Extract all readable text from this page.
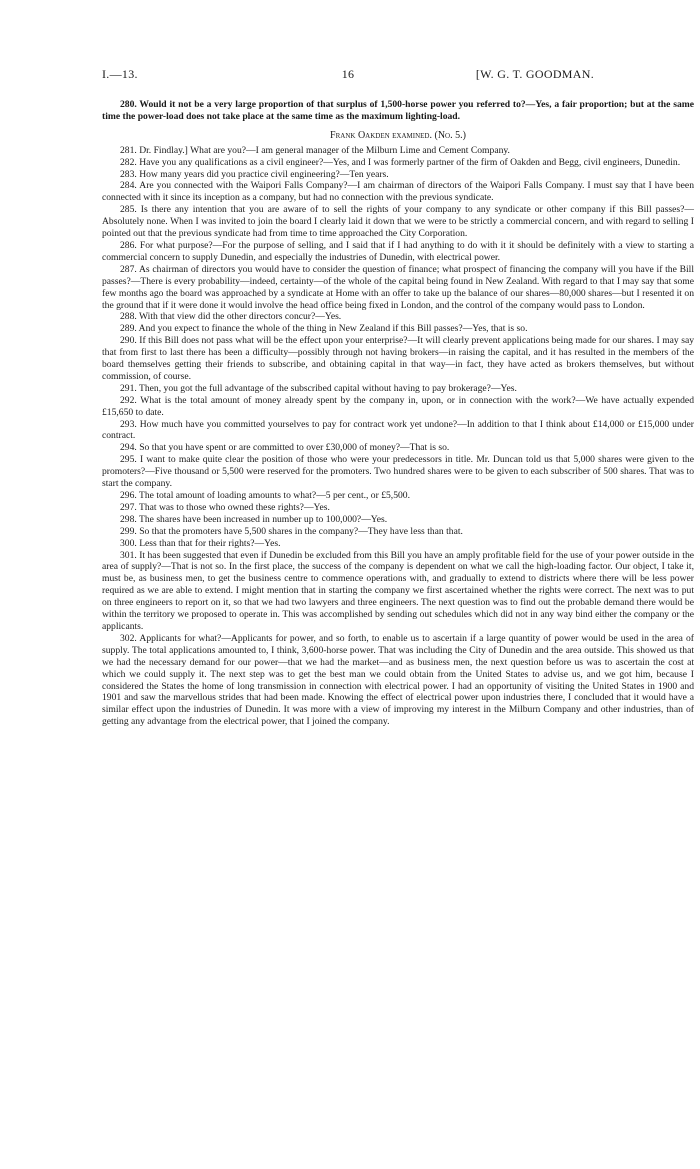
I.—13.	16	[W. G. T. GOODMAN.

280. Would it not be a very large proportion of that surplus of 1,500-horse power you referred to?—Yes, a fair proportion; but at the same time the power-load does not take place at the same time as the maximum lighting-load.

Frank Oakden examined. (No. 5.)

281. Dr. Findlay.] What are you?—I am general manager of the Milburn Lime and Cement Company.

282. Have you any qualifications as a civil engineer?—Yes, and I was formerly partner of the firm of Oakden and Begg, civil engineers, Dunedin.

283. How many years did you practice civil engineering?—Ten years.

284. Are you connected with the Waipori Falls Company?—I am chairman of directors of the Waipori Falls Company. I must say that I have been connected with it since its inception as a company, but had no connection with the previous syndicate.

285. Is there any intention that you are aware of to sell the rights of your company to any syndicate or other company if this Bill passes?—Absolutely none. When I was invited to join the board I clearly laid it down that we were to be strictly a commercial concern, and with regard to selling I pointed out that the previous syndicate had from time to time approached the City Corporation.

286. For what purpose?—For the purpose of selling, and I said that if I had anything to do with it it should be definitely with a view to starting a commercial concern to supply Dunedin, and especially the industries of Dunedin, with electrical power.

287. As chairman of directors you would have to consider the question of finance; what prospect of financing the company will you have if the Bill passes?—There is every probability—indeed, certainty—of the whole of the capital being found in New Zealand. With regard to that I may say that some few months ago the board was approached by a syndicate at Home with an offer to take up the balance of our shares—80,000 shares—but I resented it on the ground that if it were done it would involve the head office being fixed in London, and the control of the company would pass to London.

288. With that view did the other directors concur?—Yes.

289. And you expect to finance the whole of the thing in New Zealand if this Bill passes?—Yes, that is so.

290. If this Bill does not pass what will be the effect upon your enterprise?—It will clearly prevent applications being made for our shares. I may say that from first to last there has been a difficulty—possibly through not having brokers—in raising the capital, and it has resulted in the members of the board themselves getting their friends to subscribe, and obtaining capital in that way—in fact, they have acted as brokers themselves, but without commission, of course.

291. Then, you got the full advantage of the subscribed capital without having to pay brokerage?—Yes.

292. What is the total amount of money already spent by the company in, upon, or in connection with the work?—We have actually expended £15,650 to date.

293. How much have you committed yourselves to pay for contract work yet undone?—In addition to that I think about £14,000 or £15,000 under contract.

294. So that you have spent or are committed to over £30,000 of money?—That is so.

295. I want to make quite clear the position of those who were your predecessors in title. Mr. Duncan told us that 5,000 shares were given to the promoters?—Five thousand or 5,500 were reserved for the promoters. Two hundred shares were to be given to each subscriber of 500 shares. That was to start the company.

296. The total amount of loading amounts to what?—5 per cent., or £5,500.

297. That was to those who owned these rights?—Yes.

298. The shares have been increased in number up to 100,000?—Yes.

299. So that the promoters have 5,500 shares in the company?—They have less than that.

300. Less than that for their rights?—Yes.

301. It has been suggested that even if Dunedin be excluded from this Bill you have an amply profitable field for the use of your power outside in the area of supply?—That is not so. In the first place, the success of the company is dependent on what we call the high-loading factor. Our object, I take it, must be, as business men, to get the business centre to commence operations with, and gradually to extend to districts where there will be less power required as we are able to extend. I might mention that in starting the company we first ascertained whether the rights were correct. The next was to put on three engineers to report on it, so that we had two lawyers and three engineers. The next question was to find out the probable demand there would be within the territory we proposed to operate in. This was accomplished by sending out schedules which did not in any way bind either the company or the applicants.

302. Applicants for what?—Applicants for power, and so forth, to enable us to ascertain if a large quantity of power would be used in the area of supply. The total applications amounted to, I think, 3,600-horse power. That was including the City of Dunedin and the area outside. This showed us that we had the necessary demand for our power—that we had the market—and as business men, the next question before us was to ascertain the cost at which we could supply it. The next step was to get the best man we could obtain from the United States to advise us, and we got him, because I considered the States the home of long transmission in connection with electrical power. I had an opportunity of visiting the United States in 1900 and 1901 and saw the marvellous strides that had been made. Knowing the effect of electrical power upon industries there, I concluded that it would have a similar effect upon the industries of Dunedin. It was more with a view of improving my interest in the Milburn Company and other industries, than of getting any advantage from the electrical power, that I joined the company.
